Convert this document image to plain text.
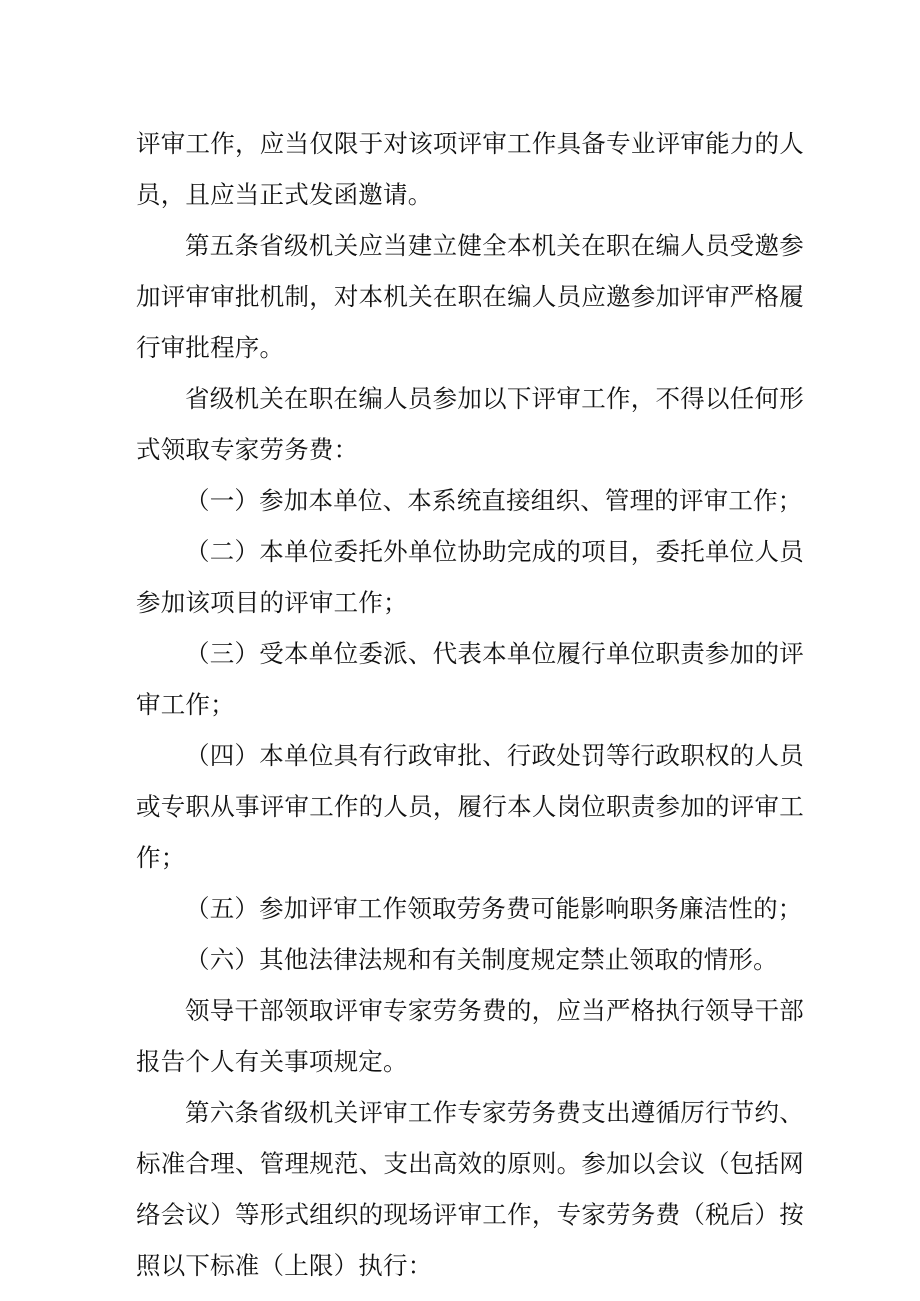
评审工作，应当仅限于对该项评审工作具备专业评审能力的人员，且应当正式发函邀请。

第五条省级机关应当建立健全本机关在职在编人员受邀参加评审审批机制，对本机关在职在编人员应邀参加评审严格履行审批程序。

省级机关在职在编人员参加以下评审工作，不得以任何形式领取专家劳务费：

（一）参加本单位、本系统直接组织、管理的评审工作；

（二）本单位委托外单位协助完成的项目，委托单位人员参加该项目的评审工作；

（三）受本单位委派、代表本单位履行单位职责参加的评审工作；

（四）本单位具有行政审批、行政处罚等行政职权的人员或专职从事评审工作的人员，履行本人岗位职责参加的评审工作；

（五）参加评审工作领取劳务费可能影响职务廉洁性的；

（六）其他法律法规和有关制度规定禁止领取的情形。

领导干部领取评审专家劳务费的，应当严格执行领导干部报告个人有关事项规定。

第六条省级机关评审工作专家劳务费支出遵循厉行节约、标准合理、管理规范、支出高效的原则。参加以会议（包括网络会议）等形式组织的现场评审工作，专家劳务费（税后）按照以下标准（上限）执行：
